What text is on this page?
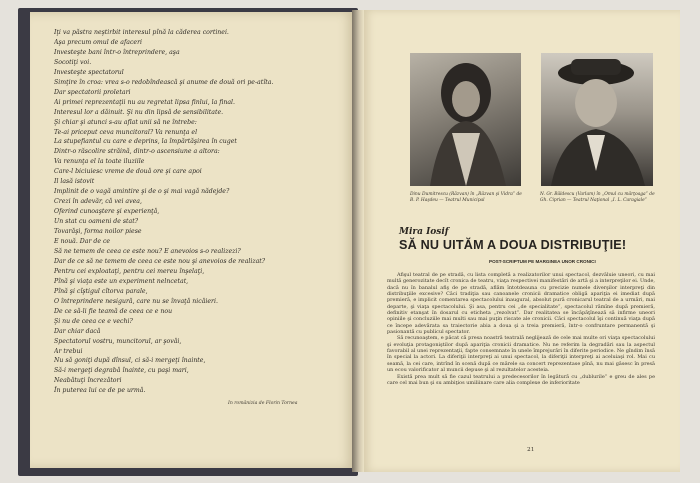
Iţi va păstra neştirbit interesul pînă la căderea cortinei.
Aşa precum omul de afaceri
Investeşte bani într-o întreprindere, aşa
Socotiţi voi.
Investeşte spectatorul
Simţire în croa: vrea s-o redobîndească şi anume de două ori pe-atîta.
Dar spectatorii proletari
Ai primei reprezentaţii nu au regretat lipsa finlui, la final.
Interesul lor a dăinuit. Şi nu din lipsă de sensibilitate.
Şi chiar şi atunci s-au aflat unii să ne întrebe:
Te-ai priceput ceva muncitoral? Va renunţa el
La stupefiantul cu care e deprins, la împărtăşirea în cuget
Dintr-o răscolire străină, dintr-o ascensiune a altora:
Va renunţa el la toate iluziile
Care-l biciuiesc vreme de două ore şi care apoi
Il lasă istovit
Implinit de o vagă amintire şi de o şi mai vagă nădejde?
Crezi în adevăr, că vei avea,
Oferind cunoaştere şi experienţă,
Un stat cu oameni de stat?
Tovarăşi, forma noilor piese
E nouă. Dar de ce
Să ne temem de ceea ce este nou? E anevoios s-o realizezi?
Dar de ce să ne temem de ceea ce este nou şi anevoios de realizat?
Pentru cei exploataţi, pentru cei mereu înşelaţi,
Pînă şi viaţa este un experiment nelncetat,
Pînă şi cîştigul cîtorva parale,
O întreprindere nesigură, care nu se învaţă nicăieri.
De ce să-li fie teamă de ceea ce e nou
Şi nu de ceea ce e vechi?
Dar chiar dacă
Spectatorul vostru, muncitorul, ar şovăi,
Ar trebui
Nu să goniţi după dînsul, ci să-i mergeţi înainte,
Să-i mergeţi degrabă înainte, cu paşi mari,
Neabătuţi încrezători
În puterea lui ce de pe urmă.
In românizia de Florin Tornea
Dinu Dumitrescu (Răzvan) în „Răzvan şi Vidra” de B. P. Haşdeu — Teatrul Municipal
N. Gr. Băldescu (Varlam) în „Omul cu mârţoaga” de Gh. Ciprian — Teatrul Naţional „I. L. Caragiale”
Mira Iosif
SĂ NU UITĂM A DOUA DISTRIBUŢIE!
POST-SCRIPTUM PE MARGINEA UNOR CRONICI

Afişul teatral de pe stradă, cu lista completă a realizatorilor unui spectacol, dezvăluie uneori, cu mai multă generozitate decît cronica de teatru, viaţa respectivei manifestări de artă şi a interpreţilor ei. Unde, dacă nu în banalul afiş de pe stradă, aflăm întotdeauna cu precizie numele diverşilor interpreţi din distribuţiile excesive? Căci tradiţia sau canoanele cronicii dramatice obligă apariţia ei imediat după premieră, e implicit comentarea spectacolului inaugural, absolut pură cronicarul teatral de a urmări, mai departe, şi viaţa spectacolului. Şi asa, pentru cei „de specialitate”, spectacolul rămîne după premieră, definitiv etanşat în dosarul cu eticheta „rezolvat”. Dar realitatea se încăpăţînează să infirme uneori opiniile şi concluziile mai multi sau mai puţin riscate ale cronicii. Căci spectacolul îşi continuă viaţa după ce începe adevărata sa traiectorie abia a doua şi a treia premieră, într-o confruntare permanentă şi pasionantă cu publicul spectator.

Să recunoaştem, e păcat că presa noastră teatrală neglijează de cele mai multe ori viaţa spectacolului şi evoluţia protagoniştilor după apariţia cronicii dramatice. Nu ne referim la degradări sau la aspectul favorabil al unei reprezentaţii, fapte consemnate în unele împrejurări în diferite periodice. Ne gîndim însă în special la actori. La diferiţii interpreţi ai unui spectacol, la diferiţii interpreţi ai aceluiaşi rol. Mai cu seamă, la cei care, intrînd în scenă după ce mărele sa concert reprezentase pînă, nu mai găsesc în presă un ecou valorificator al muncii depuse şi al rezultatelor acesteia.

Există prea mult să fie cazul teatrului a predecesorilor în legătură cu „dublurile” e greu de ales pe care cel mai bun şi su ambiţios umiliinare care alia complexe de inferioritate

21
